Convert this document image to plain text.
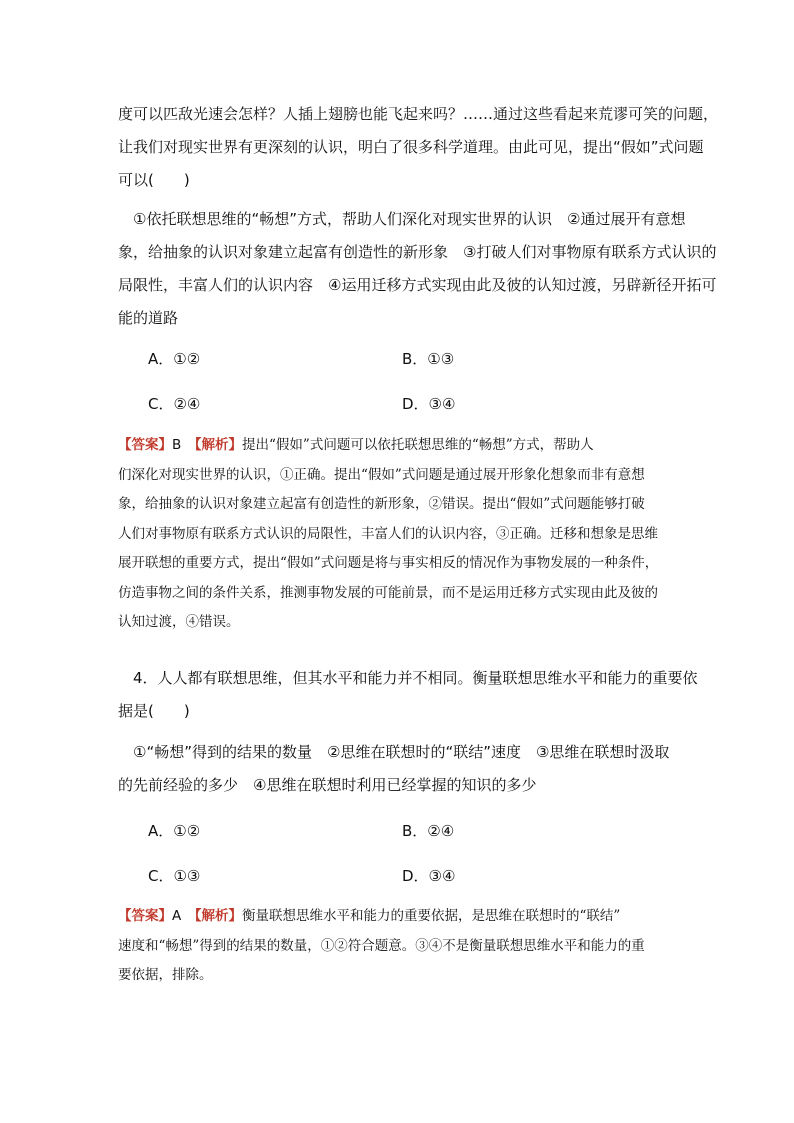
度可以匹敌光速会怎样？人插上翅膀也能飞起来吗？……通过这些看起来荒谬可笑的问题，
让我们对现实世界有更深刻的认识，明白了很多科学道理。由此可见，提出“假如”式问题
可以(　　)
　①依托联想思维的“畅想”方式，帮助人们深化对现实世界的认识　②通过展开有意想
象，给抽象的认识对象建立起富有创造性的新形象　③打破人们对事物原有联系方式认识的
局限性，丰富人们的认识内容　④运用迁移方式实现由此及彼的认知过渡，另辟新径开拓可
能的道路
A．①②	B．①③
C．②④	D．③④
【答案】B　 【解析】提出“假如”式问题可以依托联想思维的“畅想”方式，帮助人
们深化对现实世界的认识，①正确。提出“假如”式问题是通过展开形象化想象而非有意想
象，给抽象的认识对象建立起富有创造性的新形象，②错误。提出“假如”式问题能够打破
人们对事物原有联系方式认识的局限性，丰富人们的认识内容，③正确。迁移和想象是思维
展开联想的重要方式，提出“假如”式问题是将与事实相反的情况作为事物发展的一种条件，
仿造事物之间的条件关系，推测事物发展的可能前景，而不是运用迁移方式实现由此及彼的
认知过渡，④错误。
　4．人人都有联想思维，但其水平和能力并不相同。衡量联想思维水平和能力的重要依
据是(　　)
　①“畅想”得到的结果的数量　②思维在联想时的“联结”速度　③思维在联想时汲取
的先前经验的多少　④思维在联想时利用已经掌握的知识的多少
A．①②	B．②④
C．①③	D．③④
【答案】A　 【解析】衡量联想思维水平和能力的重要依据，是思维在联想时的“联结”
速度和“畅想”得到的结果的数量，①②符合题意。③④不是衡量联想思维水平和能力的重
要依据，排除。
